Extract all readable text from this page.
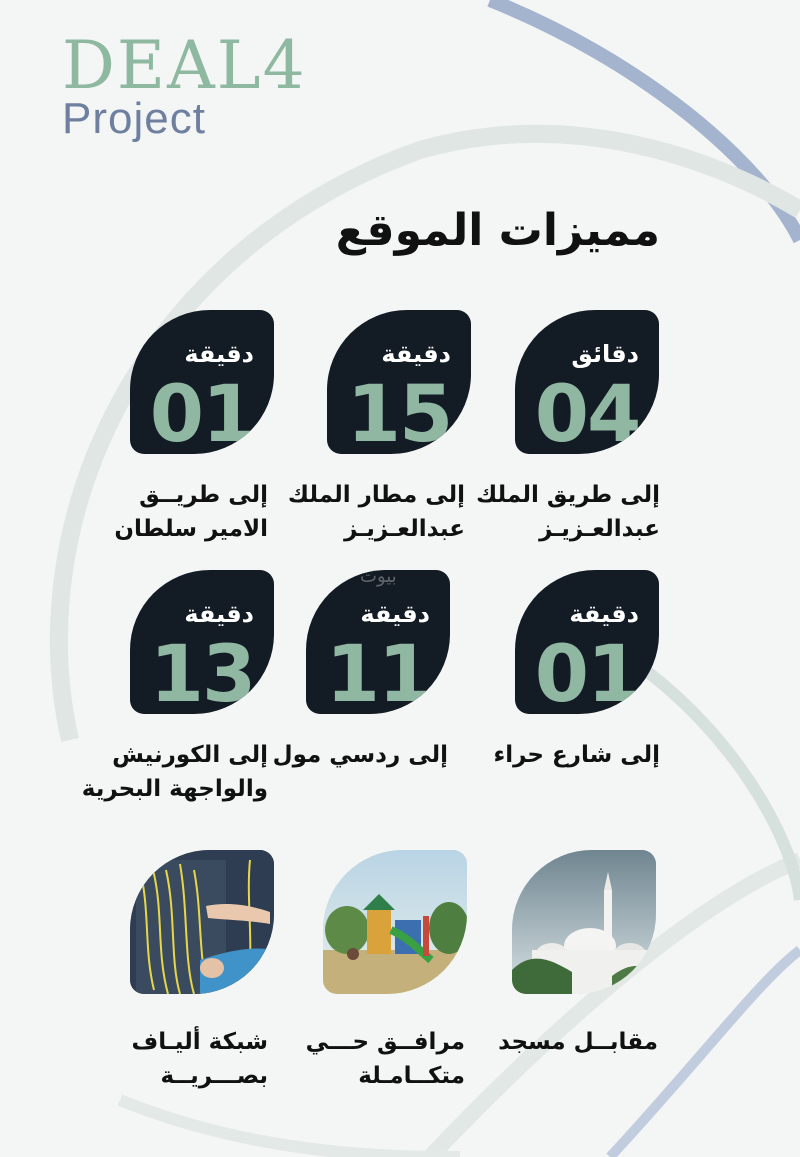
DEAL4
Project
مميزات الموقع
بيوت
دقائق
04
إلى طريق الملك
عبدالعـزيـز
دقيقة
15
إلى مطار الملك
عبدالعـزيـز
دقيقة
01
إلى طريــق
الامير سلطان
دقيقة
01
إلى شارع حراء
دقيقة
11
إلى ردسي مول
دقيقة
13
إلى الكورنيش
والواجهة البحرية
مقابــل مسجد
مرافــق حـــي
متكــامـلة
شبكة أليـاف
بصـــريــة
